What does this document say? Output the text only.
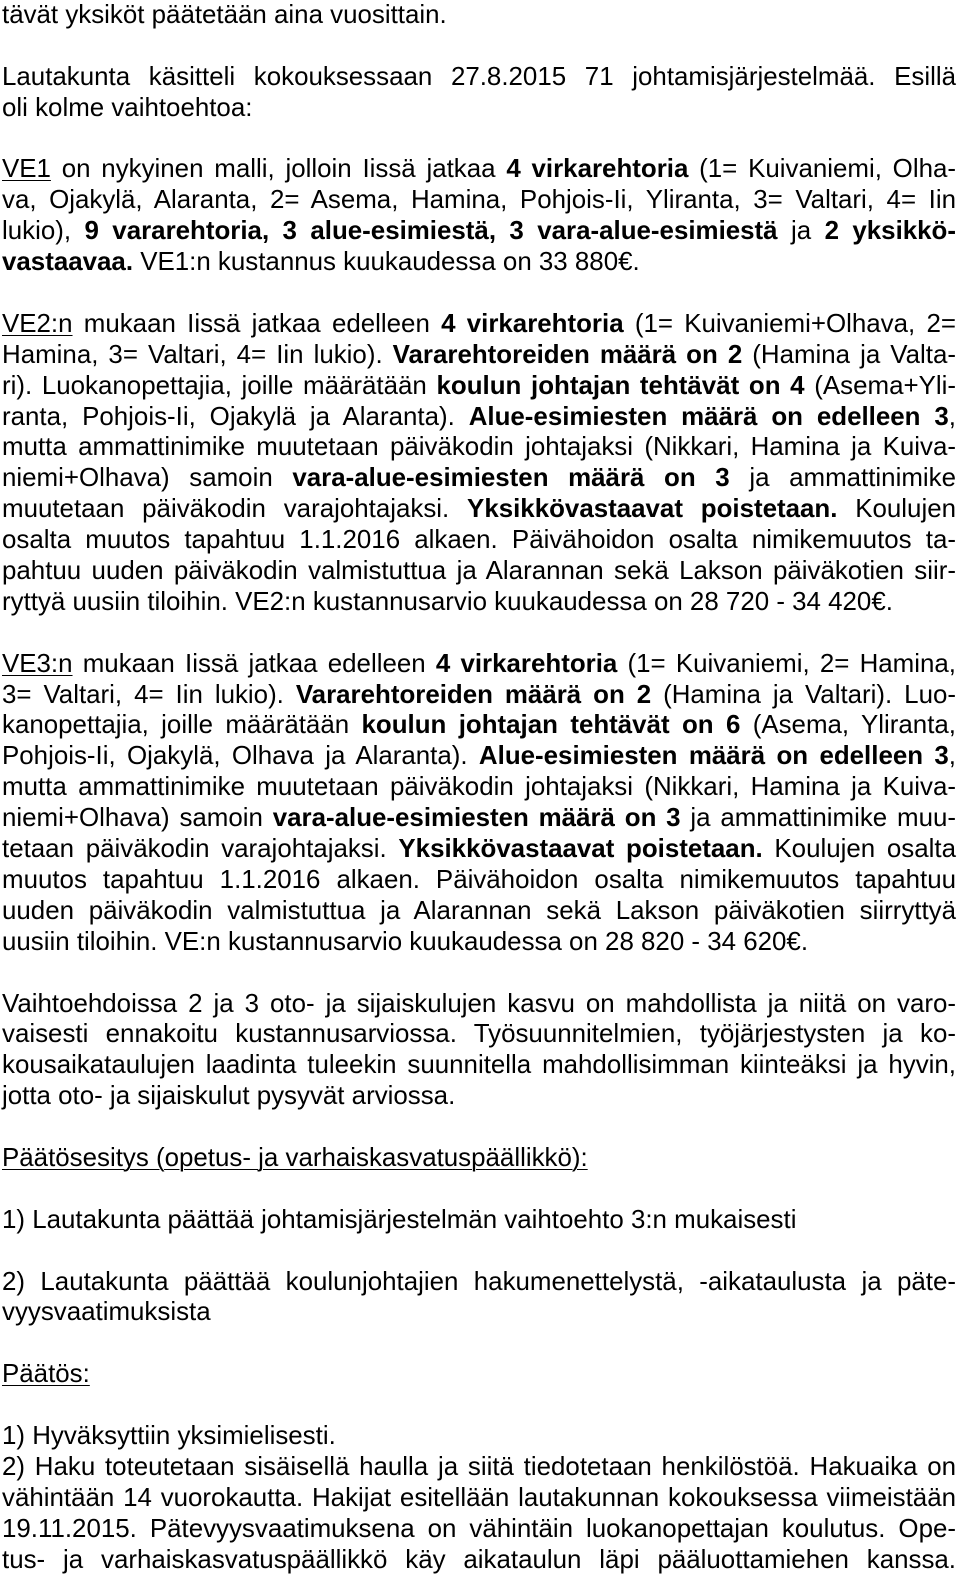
tävät yksiköt päätetään aina vuosittain.
Lautakunta käsitteli kokouksessaan 27.8.2015 71 johtamisjärjestelmää. Esillä
oli kolme vaihtoehtoa:
VE1 on nykyinen malli, jolloin Iissä jatkaa 4 virkarehtoria (1= Kuivaniemi, Olha-
va, Ojakylä, Alaranta, 2= Asema, Hamina, Pohjois-Ii, Yliranta, 3= Valtari, 4= Iin
lukio), 9 vararehtoria, 3 alue-esimiestä, 3 vara-alue-esimiestä ja 2 yksikkö-
vastaavaa. VE1:n kustannus kuukaudessa on 33 880€.
VE2:n mukaan Iissä jatkaa edelleen 4 virkarehtoria (1= Kuivaniemi+Olhava, 2=
Hamina, 3= Valtari, 4= Iin lukio). Vararehtoreiden määrä on 2 (Hamina ja Valta-
ri). Luokanopettajia, joille määrätään koulun johtajan tehtävät on 4 (Asema+Yli-
ranta, Pohjois-Ii, Ojakylä ja Alaranta). Alue-esimiesten määrä on edelleen 3,
mutta ammattinimike muutetaan päiväkodin johtajaksi (Nikkari, Hamina ja Kuiva-
niemi+Olhava) samoin vara-alue-esimiesten määrä on 3 ja ammattinimike
muutetaan päiväkodin varajohtajaksi. Yksikkövastaavat poistetaan. Koulujen
osalta muutos tapahtuu 1.1.2016 alkaen. Päivähoidon osalta nimikemuutos ta-
pahtuu uuden päiväkodin valmistuttua ja Alarannan sekä Lakson päiväkotien siir-
ryttyä uusiin tiloihin. VE2:n kustannusarvio kuukaudessa on 28 720 - 34 420€.
VE3:n mukaan Iissä jatkaa edelleen 4 virkarehtoria (1= Kuivaniemi, 2= Hamina,
3= Valtari, 4= Iin lukio). Vararehtoreiden määrä on 2 (Hamina ja Valtari). Luo-
kanopettajia, joille määrätään koulun johtajan tehtävät on 6 (Asema, Yliranta,
Pohjois-Ii, Ojakylä, Olhava ja Alaranta). Alue-esimiesten määrä on edelleen 3,
mutta ammattinimike muutetaan päiväkodin johtajaksi (Nikkari, Hamina ja Kuiva-
niemi+Olhava) samoin vara-alue-esimiesten määrä on 3 ja ammattinimike muu-
tetaan päiväkodin varajohtajaksi. Yksikkövastaavat poistetaan. Koulujen osalta
muutos tapahtuu 1.1.2016 alkaen. Päivähoidon osalta nimikemuutos tapahtuu
uuden päiväkodin valmistuttua ja Alarannan sekä Lakson päiväkotien siirryttyä
uusiin tiloihin. VE:n kustannusarvio kuukaudessa on 28 820 - 34 620€.
Vaihtoehdoissa 2 ja 3 oto- ja sijaiskulujen kasvu on mahdollista ja niitä on varo-
vaisesti ennakoitu kustannusarviossa. Työsuunnitelmien, työjärjestysten ja ko-
kousaikataulujen laadinta tuleekin suunnitella mahdollisimman kiinteäksi ja hyvin,
jotta oto- ja sijaiskulut pysyvät arviossa.
Päätösesitys (opetus- ja varhaiskasvatuspäällikkö):
1) Lautakunta päättää johtamisjärjestelmän vaihtoehto 3:n mukaisesti
2) Lautakunta päättää koulunjohtajien hakumenettelystä, -aikataulusta ja päte-
vyysvaatimuksista
Päätös:
1) Hyväksyttiin yksimielisesti.
2) Haku toteutetaan sisäisellä haulla ja siitä tiedotetaan henkilöstöä. Hakuaika on
vähintään 14 vuorokautta. Hakijat esitellään lautakunnan kokouksessa viimeistään
19.11.2015. Pätevyysvaatimuksena on vähintäin luokanopettajan koulutus. Ope-
tus- ja varhaiskasvatuspäällikkö käy aikataulun läpi pääluottamiehen kanssa.
